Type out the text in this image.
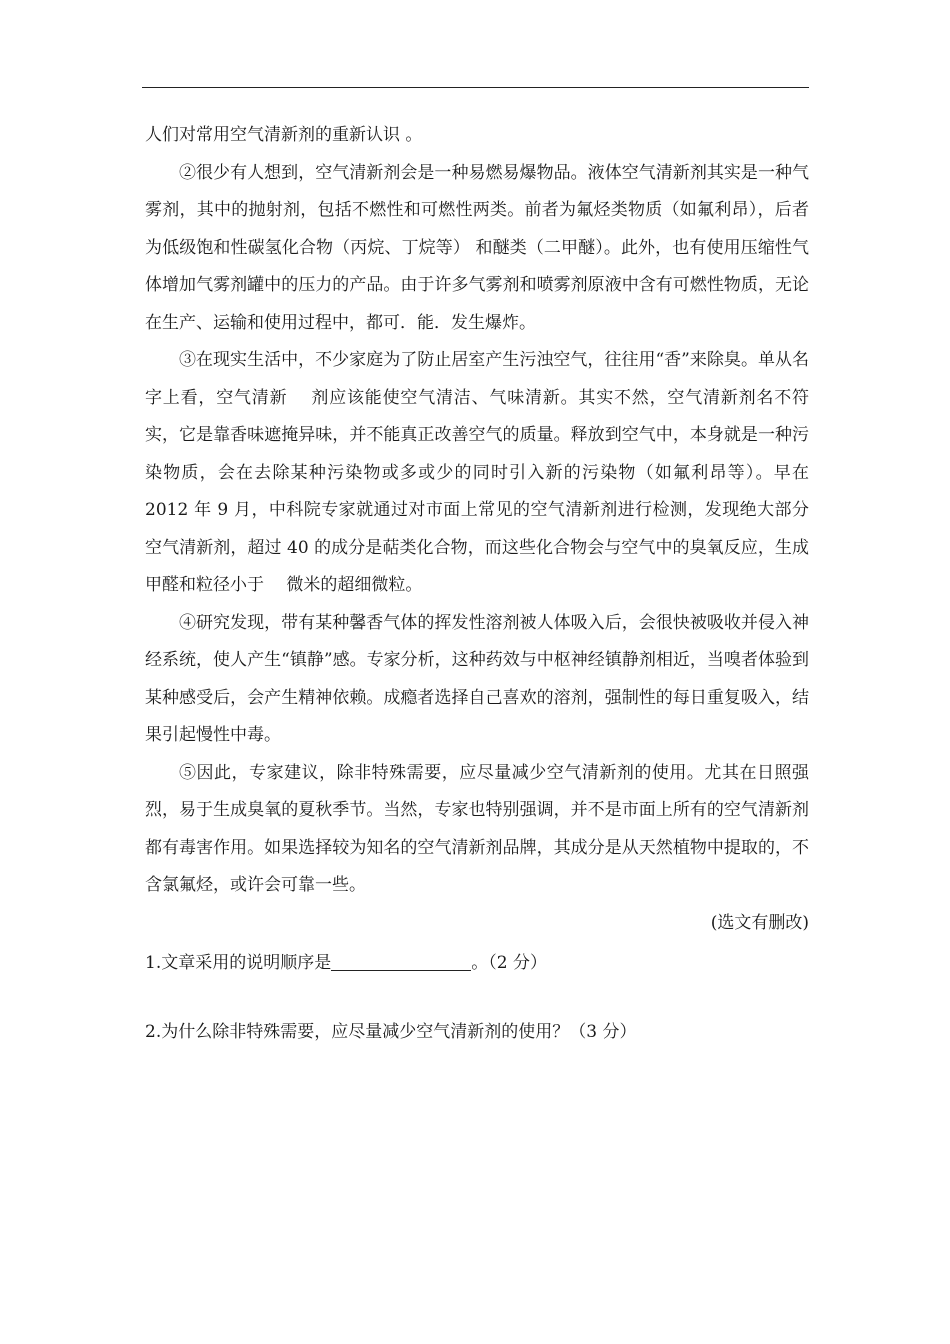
人们对常用空气清新剂的重新认识 。

②很少有人想到，空气清新剂会是一种易燃易爆物品。液体空气清新剂其实是一种气雾剂，其中的抛射剂，包括不燃性和可燃性两类。前者为氟烃类物质（如氟利昂），后者为低级饱和性碳氢化合物（丙烷、丁烷等） 和醚类（二甲醚）。此外，也有使用压缩性气体增加气雾剂罐中的压力的产品。由于许多气雾剂和喷雾剂原液中含有可燃性物质，无论在生产、运输和使用过程中，都可．能．发生爆炸。

③在现实生活中，不少家庭为了防止居室产生污浊空气，往往用“香”来除臭。单从名字上看，空气清新　 剂应该能使空气清洁、气味清新。其实不然，空气清新剂名不符实，它是靠香味遮掩异味，并不能真正改善空气的质量。释放到空气中，本身就是一种污染物质，会在去除某种污染物或多或少的同时引入新的污染物（如氟利昂等）。早在 2012 年 9 月，中科院专家就通过对市面上常见的空气清新剂进行检测，发现绝大部分空气清新剂，超过 40 的成分是萜类化合物，而这些化合物会与空气中的臭氧反应，生成甲醛和粒径小于　 微米的超细微粒。

④研究发现，带有某种馨香气体的挥发性溶剂被人体吸入后，会很快被吸收并侵入神经系统，使人产生“镇静”感。专家分析，这种药效与中枢神经镇静剂相近，当嗅者体验到某种感受后，会产生精神依赖。成瘾者选择自己喜欢的溶剂，强制性的每日重复吸入，结果引起慢性中毒。

⑤因此，专家建议，除非特殊需要，应尽量减少空气清新剂的使用。尤其在日照强烈，易于生成臭氧的夏秋季节。当然，专家也特别强调，并不是市面上所有的空气清新剂都有毒害作用。如果选择较为知名的空气清新剂品牌，其成分是从天然植物中提取的，不含氯氟烃，或许会可靠一些。

(选文有删改)

1.文章采用的说明顺序是	。（2 分）

2.为什么除非特殊需要，应尽量减少空气清新剂的使用？（3 分）
